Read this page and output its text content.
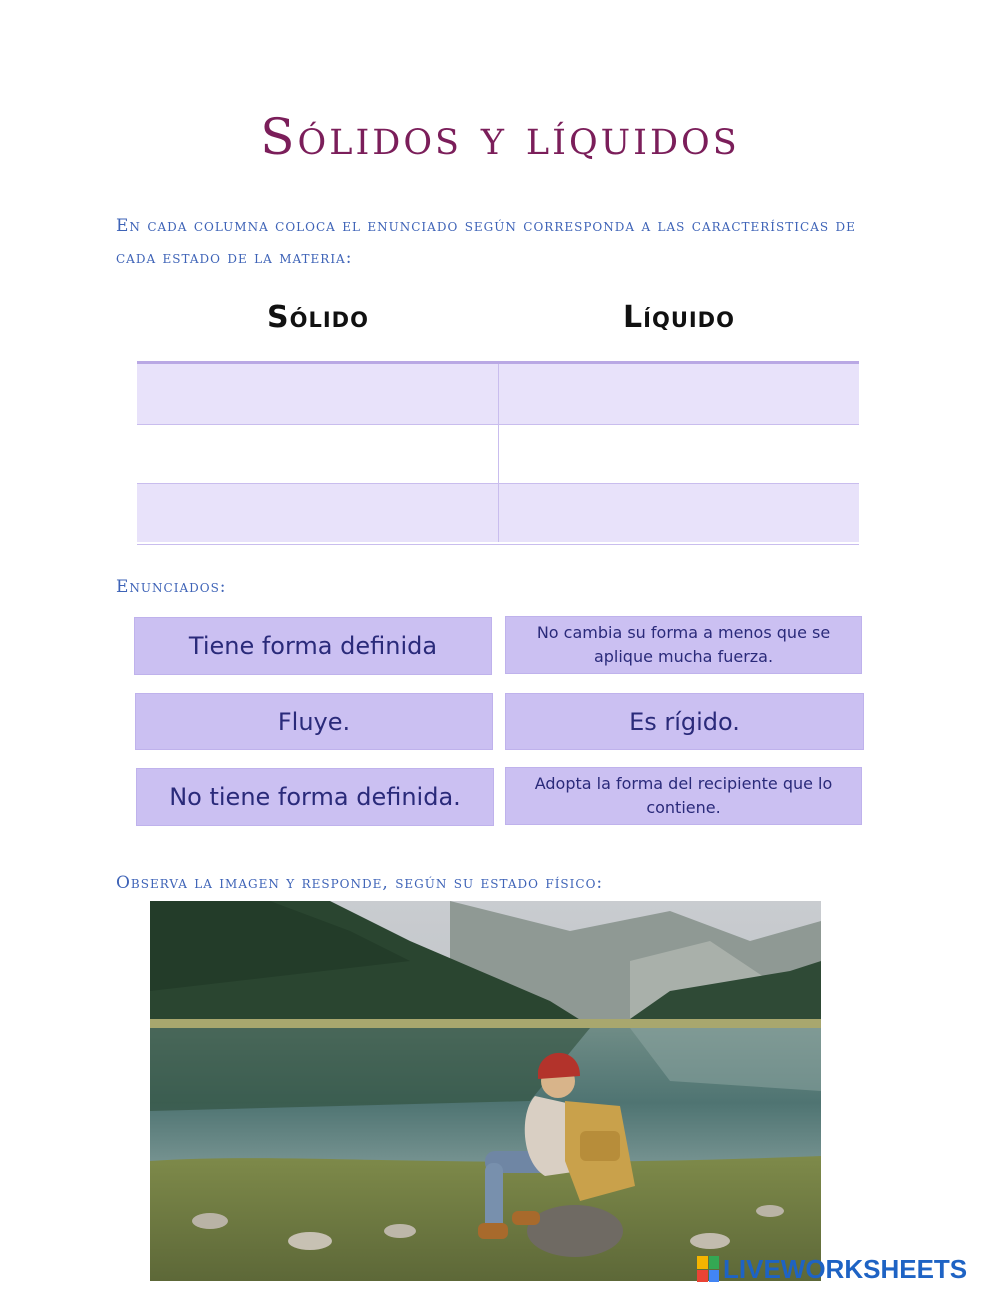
Sólidos y líquidos
En cada columna coloca el enunciado según corresponda a las características de cada estado de la materia:
Sólido	Líquido
Enunciados:
Tiene forma definida	No cambia su forma a menos que se aplique mucha fuerza.
Fluye.	Es rígido.
No tiene forma definida.	Adopta la forma del recipiente que lo contiene.
Observa la imagen y responde, según su estado físico:
LIVEWORKSHEETS
